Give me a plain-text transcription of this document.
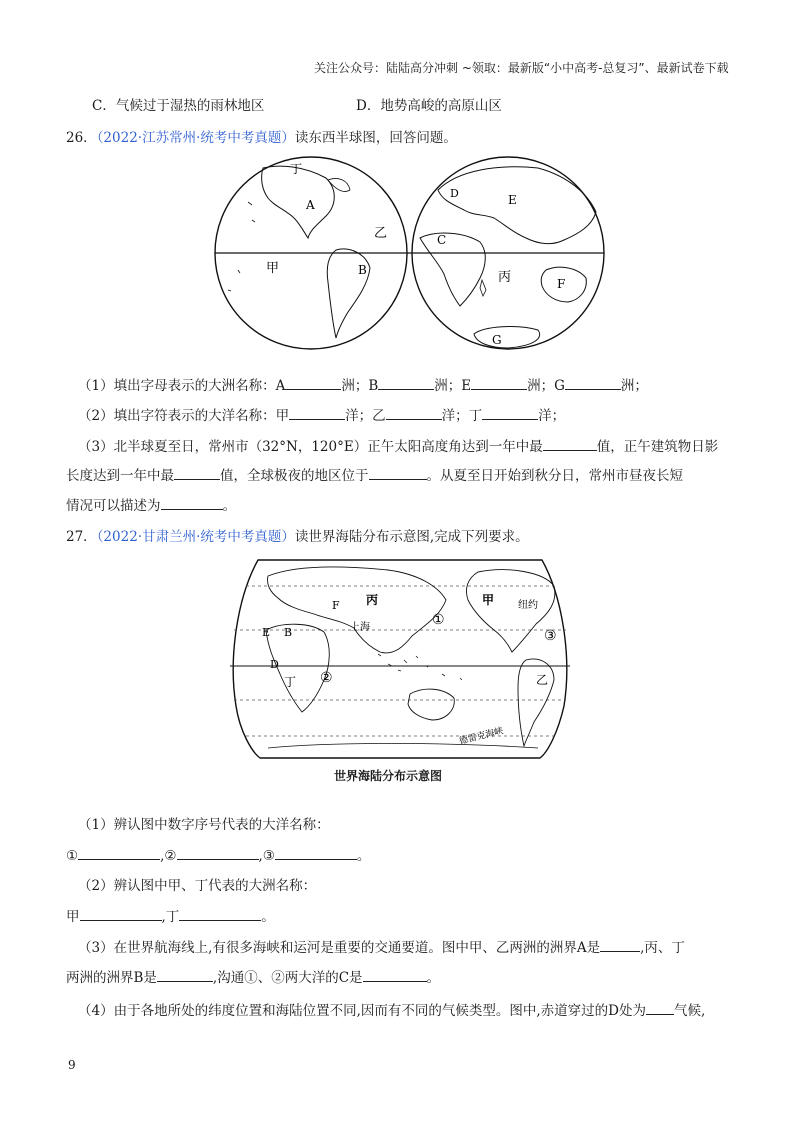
关注公众号：陆陆高分冲刺 ~领取：最新版“小中高考-总复习”、最新试卷下载
C．气候过于湿热的雨林地区	D．地势高峻的高原山区
26．（2022·江苏常州·统考中考真题）读东西半球图，回答问题。
丁
A
乙
甲	B
D	E
C
丙	F
G
（1）填出字母表示的大洲名称：A	洲；B	洲；E	洲；G	洲；
（2）填出字符表示的大洋名称：甲	洋；乙	洋；丁	洋；
（3）北半球夏至日，常州市（32°N，120°E）正午太阳高度角达到一年中最	值，正午建筑物日影
长度达到一年中最	值，全球极夜的地区位于	。从夏至日开始到秋分日，常州市昼夜长短
情况可以描述为	。
27．（2022·甘肃兰州·统考中考真题）读世界海陆分布示意图,完成下列要求。
F 丙	甲 纽约
上海	①
E B	③
D
②
丁	乙
德雷克海峡
世界海陆分布示意图
（1）辨认图中数字序号代表的大洋名称：
①	,②	,③	。
（2）辨认图中甲、丁代表的大洲名称：
甲	,丁	。
（3）在世界航海线上,有很多海峡和运河是重要的交通要道。图中甲、乙两洲的洲界A是	,丙、丁
两洲的洲界B是	,沟通①、②两大洋的C是	。
（4）由于各地所处的纬度位置和海陆位置不同,因而有不同的气候类型。图中,赤道穿过的D处为 气候,
9
